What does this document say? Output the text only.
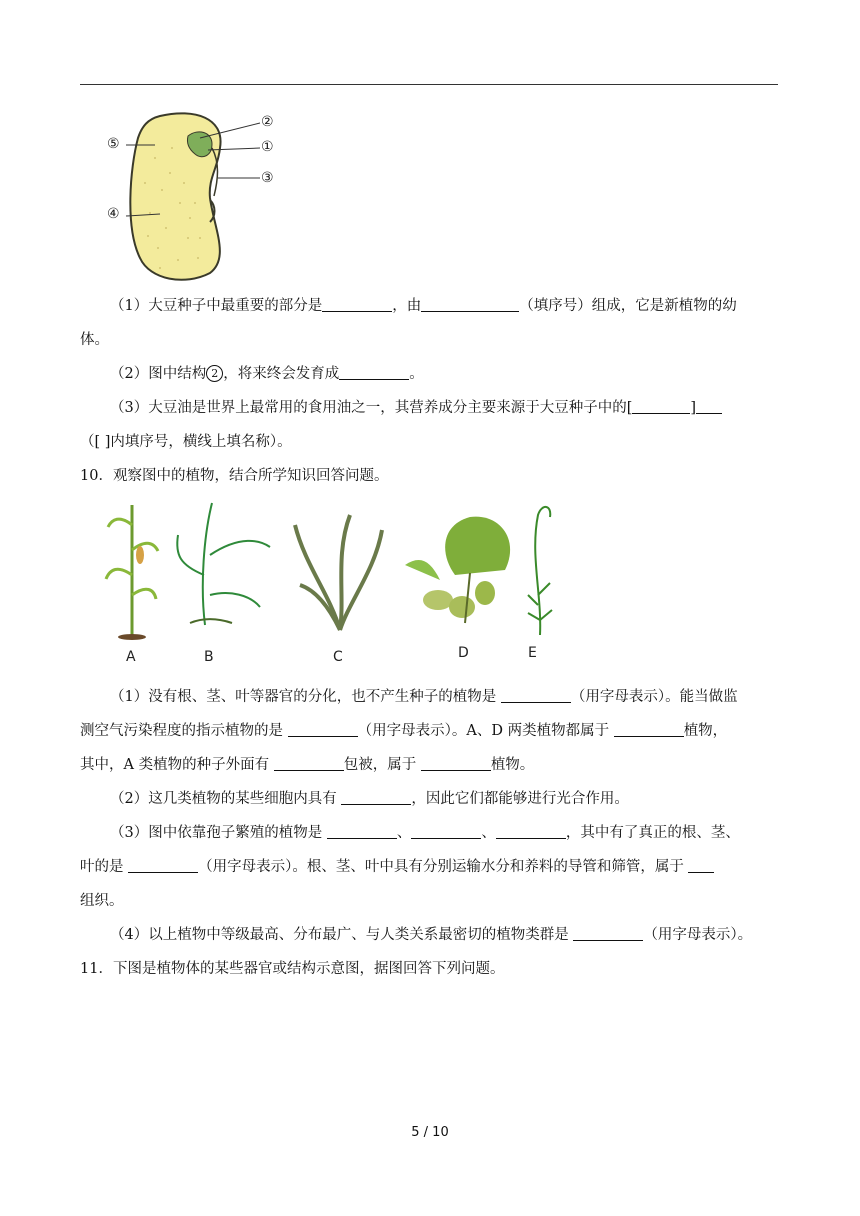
②
①
③
⑤
④
（1）大豆种子中最重要的部分是	，由	（填序号）组成，它是新植物的幼
体。
（2）图中结构 2 ，将来终会发育成	。
（3）大豆油是世界上最常用的食用油之一，其营养成分主要来源于大豆种子中的[	]
（[ ]内填序号，横线上填名称）。
10．观察图中的植物，结合所学知识回答问题。
A	B	C	D	E
（1）没有根、茎、叶等器官的分化，也不产生种子的植物是	（用字母表示）。能当做监
测空气污染程度的指示植物的是	（用字母表示）。A、D 两类植物都属于	植物，
其中，A 类植物的种子外面有	包被，属于	植物。
（2）这几类植物的某些细胞内具有	，因此它们都能够进行光合作用。
（3）图中依靠孢子繁殖的植物是	、	、	，其中有了真正的根、茎、
叶的是	（用字母表示）。根、茎、叶中具有分别运输水分和养料的导管和筛管，属于
组织。
（4）以上植物中等级最高、分布最广、与人类关系最密切的植物类群是	（用字母表示）。
11．下图是植物体的某些器官或结构示意图，据图回答下列问题。
5 / 10
